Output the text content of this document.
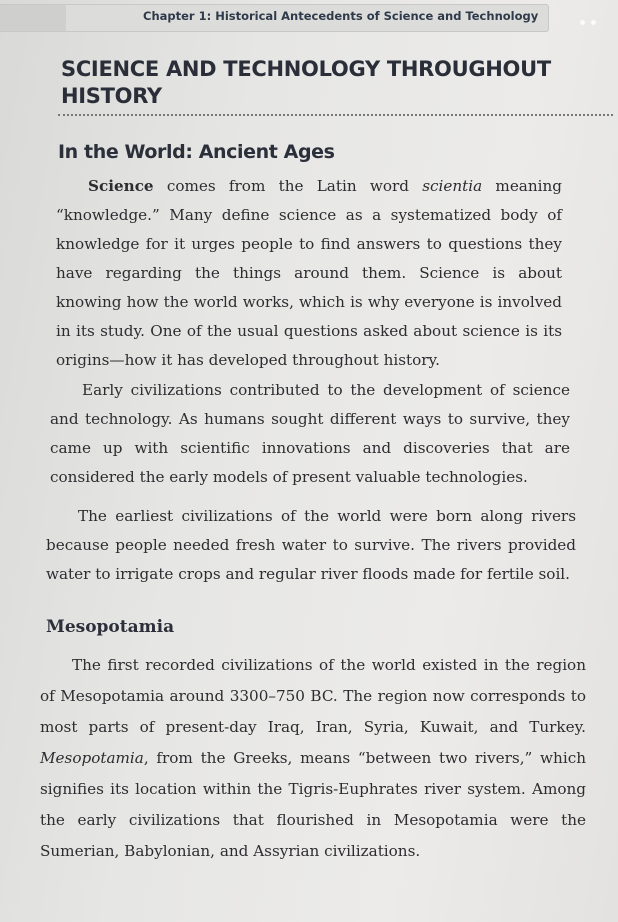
Chapter 1: Historical Antecedents of Science and Technology
SCIENCE AND TECHNOLOGY THROUGHOUT HISTORY
In the World: Ancient Ages
Science comes from the Latin word scientia meaning “knowledge.” Many define science as a systematized body of knowledge for it urges people to find answers to questions they have regarding the things around them. Science is about knowing how the world works, which is why everyone is involved in its study. One of the usual questions asked about science is its origins—how it has developed throughout history.
Early civilizations contributed to the development of science and technology. As humans sought different ways to survive, they came up with scientific innovations and discoveries that are considered the early models of present valuable technologies.
The earliest civilizations of the world were born along rivers because people needed fresh water to survive. The rivers provided water to irrigate crops and regular river floods made for fertile soil.
Mesopotamia
The first recorded civilizations of the world existed in the region of Mesopotamia around 3300–750 BC. The region now corresponds to most parts of present-day Iraq, Iran, Syria, Kuwait, and Turkey. Mesopotamia, from the Greeks, means “between two rivers,” which signifies its location within the Tigris-Euphrates river system. Among the early civilizations that flourished in Mesopotamia were the Sumerian, Babylonian, and Assyrian civilizations.
